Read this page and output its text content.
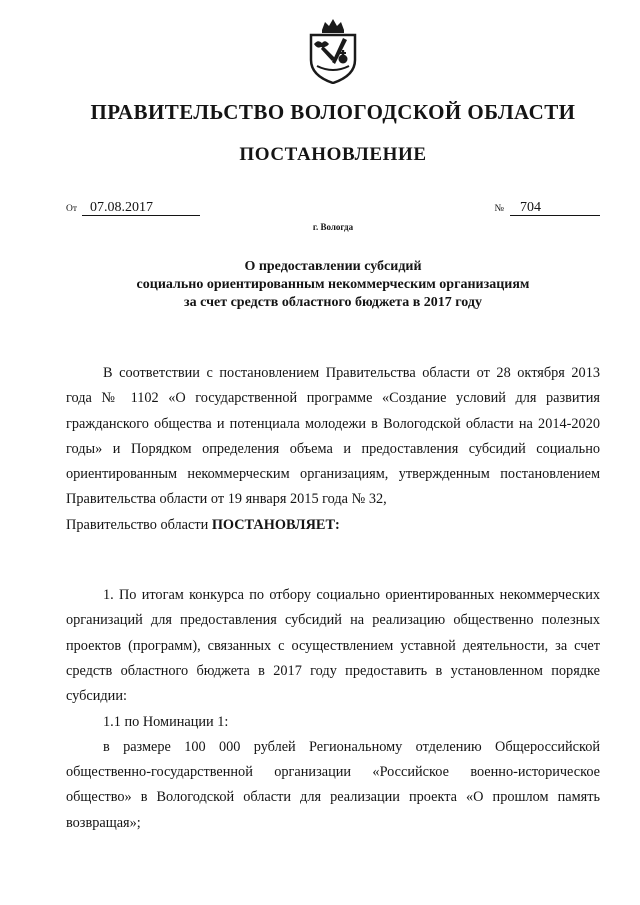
ПРАВИТЕЛЬСТВО ВОЛОГОДСКОЙ ОБЛАСТИ
ПОСТАНОВЛЕНИЕ
От 07.08.2017	№ 704
г. Вологда
О предоставлении субсидий
социально ориентированным некоммерческим организациям
за счет средств областного бюджета в 2017 году

В соответствии с постановлением Правительства области от 28 октября 2013 года № 1102 «О государственной программе «Создание условий для развития гражданского общества и потенциала молодежи в Вологодской области на 2014-2020 годы» и Порядком определения объема и предоставления субсидий социально ориентированным некоммерческим организациям, утвержденным постановлением Правительства области от 19 января 2015 года № 32,

Правительство области ПОСТАНОВЛЯЕТ:

1. По итогам конкурса по отбору социально ориентированных некоммерческих организаций для предоставления субсидий на реализацию общественно полезных проектов (программ), связанных с осуществлением уставной деятельности, за счет средств областного бюджета в 2017 году предоставить в установленном порядке субсидии:

1.1 по Номинации 1:

в размере 100 000 рублей Региональному отделению Общероссийской общественно-государственной организации «Российское военно-историческое общество» в Вологодской области для реализации проекта «О прошлом память возвращая»;
